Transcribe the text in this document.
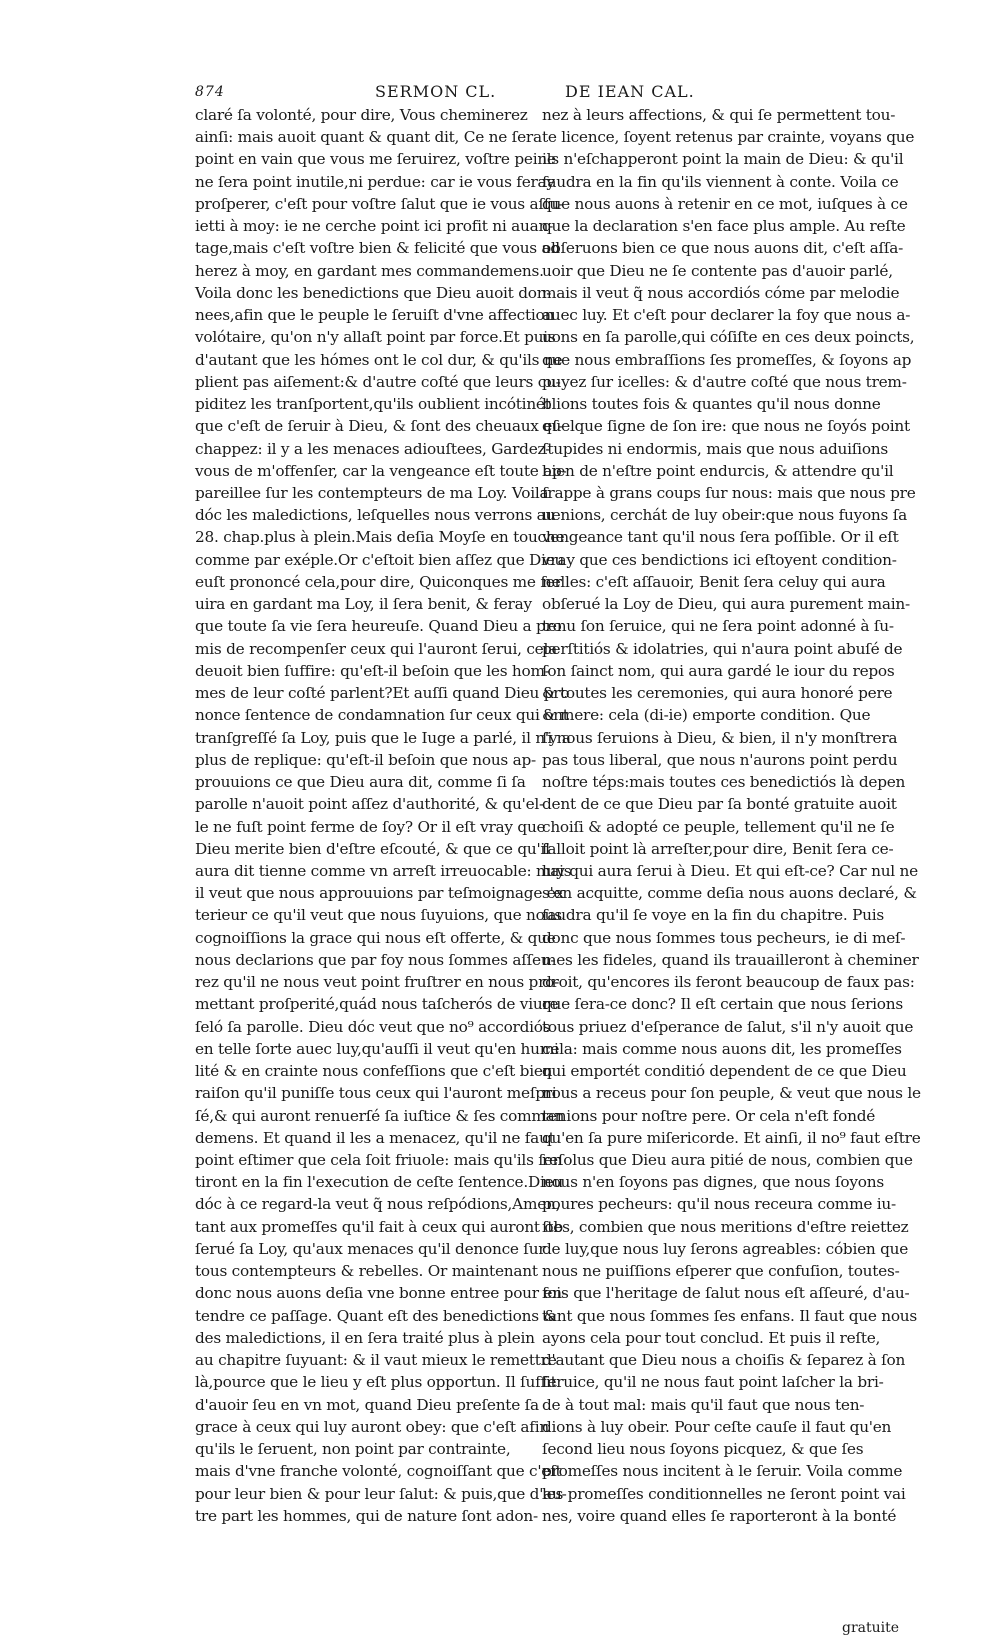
874	SERMON CL.	DE IEAN CAL.
claré ſa volonté, pour dire, Vous cheminerez
ainſi: mais auoit quant & quant dit, Ce ne ſera
point en vain que vous me ſeruirez, voſtre peine
ne ſera point inutile,ni perdue: car ie vous feray
proſperer, c'eſt pour voſtre ſalut que ie vous aſſu-
ietti à moy: ie ne cerche point ici profit ni auan-
tage,mais c'eſt voſtre bien & felicité que vous ad
herez à moy, en gardant mes commandemens.
Voila donc les benedictions que Dieu auoit don-
nees,afin que le peuple le ſeruiſt d'vne affection
volótaire, qu'on n'y allaſt point par force.Et puis
d'autant que les hómes ont le col dur, & qu'ils ne
plient pas aiſement:& d'autre coſté que leurs cu-
piditez les tranſportent,qu'ils oublient incótinét
que c'eſt de ſeruir à Dieu, & ſont des cheuaux eſ-
chappez: il y a les menaces adiouſtees, Gardez-
vous de m'offenſer, car la vengeance eſt toute ap-
pareillee ſur les contempteurs de ma Loy. Voila
dóc les maledictions, leſquelles nous verrons au
28. chap.plus à plein.Mais deſia Moyſe en touche
comme par exéple.Or c'eſtoit bien aſſez que Dieu
euſt prononcé cela,pour dire, Quiconques me ſer
uira en gardant ma Loy, il ſera benit, & feray
que toute ſa vie ſera heureuſe. Quand Dieu a pro
mis de recompenſer ceux qui l'auront ſerui, cela
deuoit bien ſuffire: qu'eſt-il beſoin que les hom-
mes de leur coſté parlent?Et auſſi quand Dieu pro
nonce ſentence de condamnation ſur ceux qui ont
tranſgreſſé ſa Loy, puis que le Iuge a parlé, il n'y a
plus de replique: qu'eſt-il beſoin que nous ap-
prouuions ce que Dieu aura dit, comme ſi ſa
parolle n'auoit point aſſez d'authorité, & qu'el-
le ne fuſt point ferme de ſoy? Or il eſt vray que
Dieu merite bien d'eſtre eſcouté, & que ce qu'il
aura dit tienne comme vn arreſt irreuocable: mais
il veut que nous approuuions par teſmoignage ex
terieur ce qu'il veut que nous ſuyuions, que nous
cognoiſſions la grace qui nous eſt offerte, & que
nous declarions que par foy nous ſommes aſſeu-
rez qu'il ne nous veut point fruſtrer en nous pro-
mettant proſperité,quád nous taſcherós de viure
ſeló ſa parolle. Dieu dóc veut que no⁹ accordiós
en telle ſorte auec luy,qu'auſſi il veut qu'en humi
lité & en crainte nous confeſſions que c'eſt bien
raiſon qu'il puniſſe tous ceux qui l'auront meſpri
ſé,& qui auront renuerſé ſa iuſtice & ſes comman
demens. Et quand il les a menacez, qu'il ne faut
point eſtimer que cela ſoit friuole: mais qu'ils ſen
tiront en la fin l'execution de ceſte ſentence.Dieu
dóc à ce regard-la veut q̃ nous reſpódions,Amen,
tant aux promeſſes qu'il fait à ceux qui auront ob
ſerué ſa Loy, qu'aux menaces qu'il denonce ſur
tous contempteurs & rebelles. Or maintenant
donc nous auons deſia vne bonne entree pour en-
tendre ce paſſage. Quant eſt des benedictions &
des maledictions, il en ſera traité plus à plein
au chapitre ſuyuant: & il vaut mieux le remettre
là,pource que le lieu y eſt plus opportun. Il ſuffit
d'auoir ſeu en vn mot, quand Dieu preſente ſa
grace à ceux qui luy auront obey: que c'eſt afin
qu'ils le ſeruent, non point par contrainte,
mais d'vne franche volonté, cognoiſſant que c'eſt
pour leur bien & pour leur ſalut: & puis,que d'au-
tre part les hommes, qui de nature ſont adon-
nez à leurs affections, & qui ſe permettent tou-
te licence, ſoyent retenus par crainte, voyans que
ils n'eſchapperont point la main de Dieu: & qu'il
faudra en la fin qu'ils viennent à conte. Voila ce
que nous auons à retenir en ce mot, iuſques à ce
que la declaration s'en face plus ample. Au reſte
obſeruons bien ce que nous auons dit, c'eſt aſſa-
uoir que Dieu ne ſe contente pas d'auoir parlé,
mais il veut q̃ nous accordiós cóme par melodie
auec luy. Et c'eſt pour declarer la foy que nous a-
uons en ſa parolle,qui cóſiſte en ces deux poincts,
que nous embraſſions ſes promeſſes, & ſoyons ap
puyez ſur icelles: & d'autre coſté que nous trem-
blions toutes fois & quantes qu'il nous donne
quelque ſigne de ſon ire: que nous ne ſoyós point
ſtupides ni endormis, mais que nous aduiſions
bien de n'eſtre point endurcis, & attendre qu'il
frappe à grans coups ſur nous: mais que nous pre
uenions, cerchát de luy obeir:que nous fuyons ſa
vengeance tant qu'il nous ſera poſſible. Or il eſt
vray que ces bendictions ici eſtoyent condition-
nelles: c'eſt aſſauoir, Benit ſera celuy qui aura
obſerué la Loy de Dieu, qui aura purement main-
tenu ſon ſeruice, qui ne ſera point adonné à ſu-
perſtitiós & idolatries, qui n'aura point abuſé de
ſon ſainct nom, qui aura gardé le iour du repos
& toutes les ceremonies, qui aura honoré pere
& mere: cela (di-ie) emporte condition. Que
ſi nous ſeruions à Dieu, & bien, il n'y monſtrera
pas tous liberal, que nous n'aurons point perdu
noſtre téps:mais toutes ces benedictiós là depen
dent de ce que Dieu par ſa bonté gratuite auoit
choiſi & adopté ce peuple, tellement qu'il ne ſe
falloit point là arreſter,pour dire, Benit ſera ce-
luy qui aura ſerui à Dieu. Et qui eſt-ce? Car nul ne
s'en acquitte, comme deſia nous auons declaré, &
faudra qu'il ſe voye en la fin du chapitre. Puis
donc que nous ſommes tous pecheurs, ie di meſ-
mes les fideles, quand ils trauailleront à cheminer
droit, qu'encores ils feront beaucoup de faux pas:
que ſera-ce donc? Il eſt certain que nous ſerions
tous priuez d'eſperance de ſalut, s'il n'y auoit que
cela: mais comme nous auons dit, les promeſſes
qui emportét conditió dependent de ce que Dieu
nous a receus pour ſon peuple, & veut que nous le
tenions pour noſtre pere. Or cela n'eſt fondé
qu'en ſa pure miſericorde. Et ainſi, il no⁹ faut eſtre
reſolus que Dieu aura pitié de nous, combien que
nous n'en ſoyons pas dignes, que nous ſoyons
poures pecheurs: qu'il nous receura comme iu-
ſtes, combien que nous meritions d'eſtre reiettez
de luy,que nous luy ſerons agreables: cóbien que
nous ne puiſſions eſperer que confuſion, toutes-
fois que l'heritage de ſalut nous eſt aſſeuré, d'au-
tant que nous ſommes ſes enfans. Il faut que nous
ayons cela pour tout conclud. Et puis il reſte,
d'autant que Dieu nous a choiſis & ſeparez à ſon
ſeruice, qu'il ne nous faut point laſcher la bri-
de à tout mal: mais qu'il faut que nous ten-
dions à luy obeir. Pour ceſte cauſe il faut qu'en
ſecond lieu nous ſoyons picquez, & que ſes
promeſſes nous incitent à le ſeruir. Voila comme
les promeſſes conditionnelles ne ſeront point vai
nes, voire quand elles ſe raporteront à la bonté
gratuite
